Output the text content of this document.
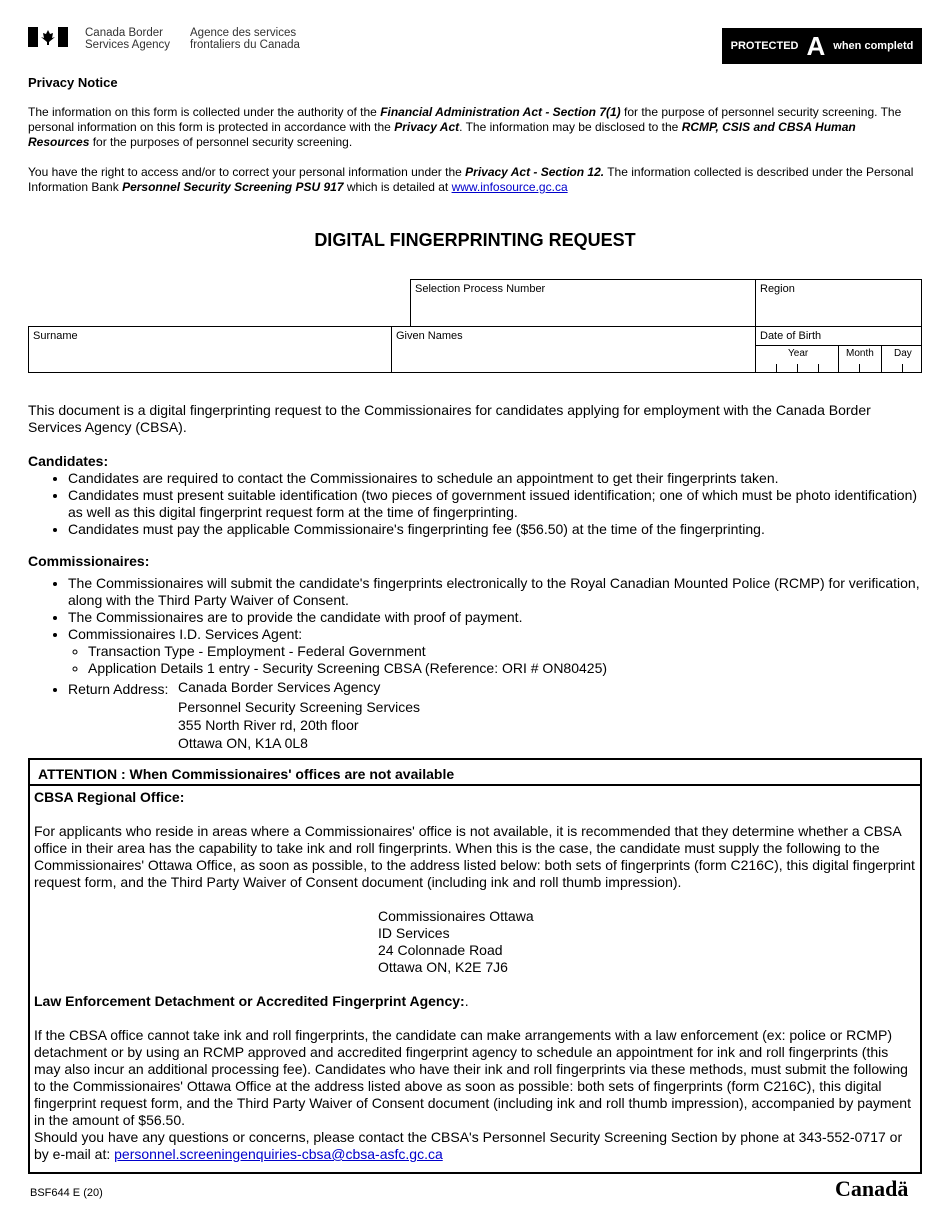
Canada Border
Services Agency
Agence des services
frontaliers du Canada	PROTECTED A when completd
Privacy Notice

The information on this form is collected under the authority of the Financial Administration Act - Section 7(1) for the purpose of personnel security screening. The personal information on this form is protected in accordance with the Privacy Act. The information may be disclosed to the RCMP, CSIS and CBSA Human Resources for the purposes of personnel security screening.

You have the right to access and/or to correct your personal information under the Privacy Act - Section 12. The information collected is described under the Personal Information Bank Personnel Security Screening PSU 917 which is detailed at www.infosource.gc.ca

DIGITAL FINGERPRINTING REQUEST
Selection Process Number	Region
Surname	Given Names	Date of Birth
Year	Month Day
This document is a digital fingerprinting request to the Commissionaires for candidates applying for employment with the Canada Border Services Agency (CBSA).
Candidates:
• Candidates are required to contact the Commissionaires to schedule an appointment to get their fingerprints taken.
• Candidates must present suitable identification (two pieces of government issued identification; one of which must be photo identification) as well as this digital fingerprint request form at the time of fingerprinting.
• Candidates must pay the applicable Commissionaire's fingerprinting fee ($56.50) at the time of the fingerprinting.
Commissionaires:
• The Commissionaires will submit the candidate's fingerprints electronically to the Royal Canadian Mounted Police (RCMP) for verification, along with the Third Party Waiver of Consent.
• The Commissionaires are to provide the candidate with proof of payment.
• Commissionaires I.D. Services Agent:
◦ Transaction Type - Employment - Federal Government
◦ Application Details 1 entry - Security Screening CBSA (Reference: ORI # ON80425)
• Return Address: Canada Border Services Agency
Personnel Security Screening Services
355 North River rd, 20th floor
Ottawa ON, K1A 0L8
ATTENTION : When Commissionaires' offices are not available

CBSA Regional Office:

For applicants who reside in areas where a Commissionaires' office is not available, it is recommended that they determine whether a CBSA office in their area has the capability to take ink and roll fingerprints. When this is the case, the candidate must supply the following to the Commissionaires' Ottawa Office, as soon as possible, to the address listed below: both sets of fingerprints (form C216C), this digital fingerprint request form, and the Third Party Waiver of Consent document (including ink and roll thumb impression).

Commissionaires Ottawa
ID Services
24 Colonnade Road
Ottawa ON, K2E 7J6

Law Enforcement Detachment or Accredited Fingerprint Agency:.

If the CBSA office cannot take ink and roll fingerprints, the candidate can make arrangements with a law enforcement (ex: police or RCMP) detachment or by using an RCMP approved and accredited fingerprint agency to schedule an appointment for ink and roll fingerprints (this may also incur an additional processing fee). Candidates who have their ink and roll fingerprints via these methods, must submit the following to the Commissionaires' Ottawa Office at the address listed above as soon as possible: both sets of fingerprints (form C216C), this digital fingerprint request form, and the Third Party Waiver of Consent document (including ink and roll thumb impression), accompanied by payment in the amount of $56.50.

Should you have any questions or concerns, please contact the CBSA's Personnel Security Screening Section by phone at 343-552-0717 or by e-mail at: personnel.screeningenquiries-cbsa@cbsa-asfc.gc.ca

BSF644 E (20)	Canadä
